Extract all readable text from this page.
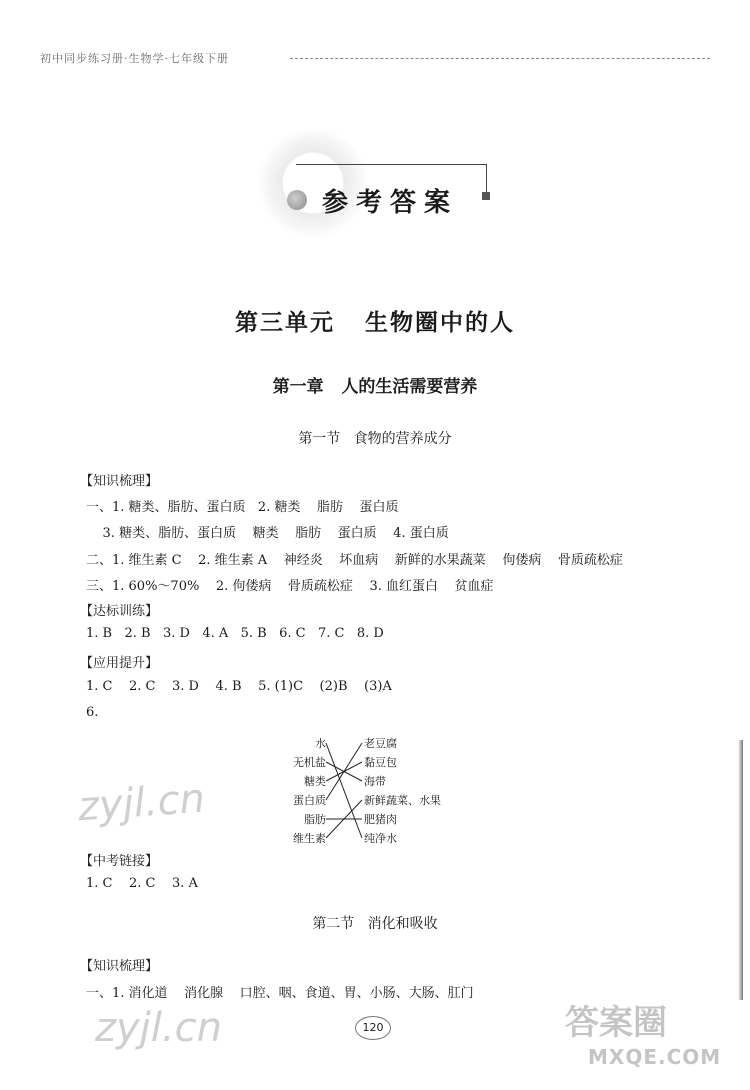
初中同步练习册·生物学·七年级下册
参考答案
第三单元   生物圈中的人
第一章   人的生活需要营养
第一节   食物的营养成分
【知识梳理】
一、1. 糖类、脂肪、蛋白质   2. 糖类    脂肪    蛋白质
3. 糖类、脂肪、蛋白质    糖类    脂肪    蛋白质    4. 蛋白质
二、1. 维生素 C    2. 维生素 A    神经炎    坏血病    新鲜的水果蔬菜    佝偻病    骨质疏松症
三、1. 60%～70%    2. 佝偻病    骨质疏松症    3. 血红蛋白    贫血症
【达标训练】
1. B   2. B   3. D   4. A   5. B   6. C   7. C   8. D
【应用提升】
1. C    2. C    3. D    4. B    5. (1)C    (2)B    (3)A
6.
水
无机盐
糖类
蛋白质
脂肪
维生素
老豆腐
黏豆包
海带
新鲜蔬菜、水果
肥猪肉
纯净水
zyjl.cn
【中考链接】
1. C    2. C    3. A
第二节   消化和吸收
【知识梳理】
一、1. 消化道    消化腺    口腔、咽、食道、胃、小肠、大肠、肛门
120
zyjl.cn	答案圈
MXQE.COM
